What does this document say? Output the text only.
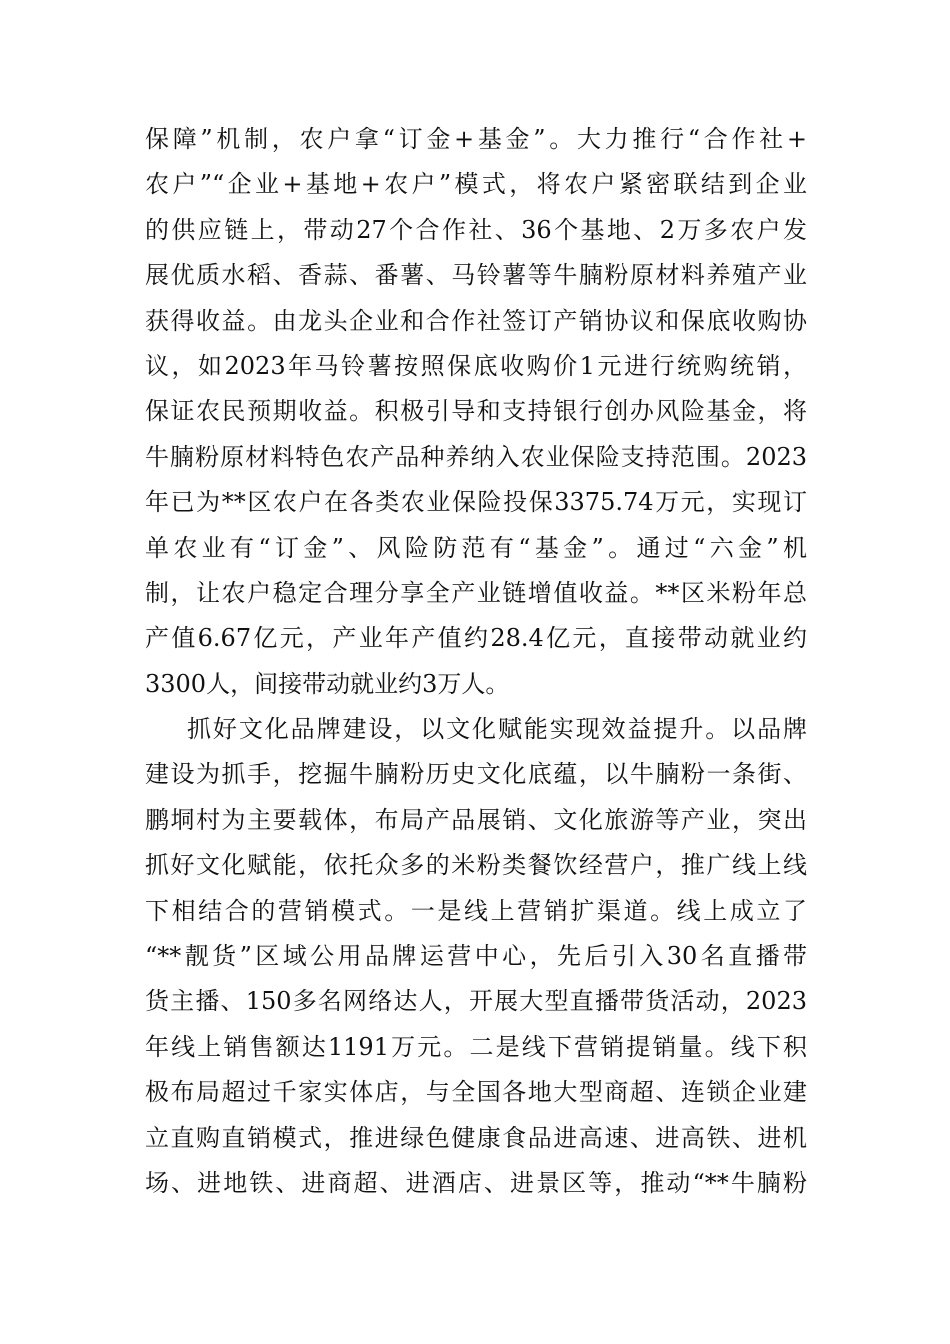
保障”机制，农户拿“订金+基金”。大力推行“合作社+
农户”“企业+基地+农户”模式，将农户紧密联结到企业
的供应链上，带动27个合作社、36个基地、2万多农户发
展优质水稻、香蒜、番薯、马铃薯等牛腩粉原材料养殖产业
获得收益。由龙头企业和合作社签订产销协议和保底收购协
议，如2023年马铃薯按照保底收购价1元进行统购统销，
保证农民预期收益。积极引导和支持银行创办风险基金，将
牛腩粉原材料特色农产品种养纳入农业保险支持范围。2023
年已为**区农户在各类农业保险投保3375.74万元，实现订
单农业有“订金”、风险防范有“基金”。通过“六金”机
制，让农户稳定合理分享全产业链增值收益。**区米粉年总
产值6.67亿元，产业年产值约28.4亿元，直接带动就业约
3300人，间接带动就业约3万人。
抓好文化品牌建设，以文化赋能实现效益提升。以品牌
建设为抓手，挖掘牛腩粉历史文化底蕴，以牛腩粉一条街、
鹏垌村为主要载体，布局产品展销、文化旅游等产业，突出
抓好文化赋能，依托众多的米粉类餐饮经营户，推广线上线
下相结合的营销模式。一是线上营销扩渠道。线上成立了
“**靓货”区域公用品牌运营中心，先后引入30名直播带
货主播、150多名网络达人，开展大型直播带货活动，2023
年线上销售额达1191万元。二是线下营销提销量。线下积
极布局超过千家实体店，与全国各地大型商超、连锁企业建
立直购直销模式，推进绿色健康食品进高速、进高铁、进机
场、进地铁、进商超、进酒店、进景区等，推动“**牛腩粉
